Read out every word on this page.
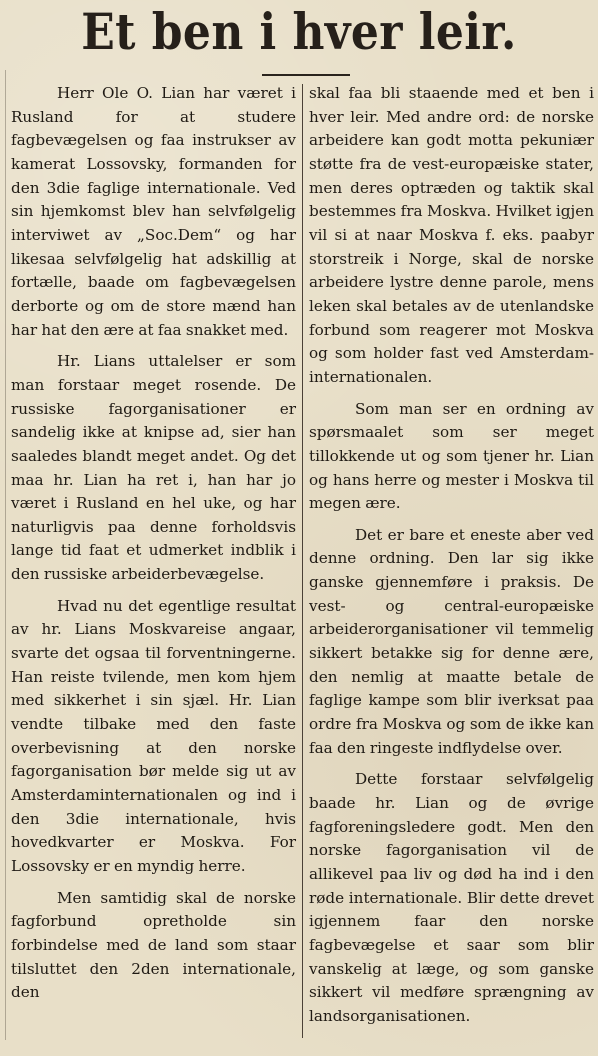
Et ben i hver leir.

Herr Ole O. Lian har været i Rusland for at studere fagbevægelsen og faa instrukser av kamerat Lossovsky, formanden for den 3die faglige internationale. Ved sin hjemkomst blev han selvfølgelig interviwet av „Soc.Dem“ og har likesaa selvfølgelig hat adskillig at fortælle, baade om fagbevægelsen derborte og om de store mænd han har hat den ære at faa snakket med.

Hr. Lians uttalelser er som man forstaar meget rosende. De russiske fagorganisationer er sandelig ikke at knipse ad, sier han saaledes blandt meget andet. Og det maa hr. Lian ha ret i, han har jo været i Rusland en hel uke, og har naturligvis paa denne forholdsvis lange tid faat et udmerket indblik i den russiske arbeiderbevægelse.

Hvad nu det egentlige resultat av hr. Lians Moskvareise angaar, svarte det ogsaa til forventningerne. Han reiste tvilende, men kom hjem med sikkerhet i sin sjæl. Hr. Lian vendte tilbake med den faste overbevisning at den norske fagorganisation bør melde sig ut av Amsterdaminternationalen og ind i den 3die internationale, hvis hovedkvarter er Moskva. For Lossovsky er en myndig herre.

Men samtidig skal de norske fagforbund opretholde sin forbindelse med de land som staar tilsluttet den 2den internationale, den

skal faa bli staaende med et ben i hver leir. Med andre ord: de norske arbeidere kan godt motta pekuniær støtte fra de vest-europæiske stater, men deres optræden og taktik skal bestemmes fra Moskva. Hvilket igjen vil si at naar Moskva f. eks. paabyr storstreik i Norge, skal de norske arbeidere lystre denne parole, mens leken skal betales av de utenlandske forbund som reagerer mot Moskva og som holder fast ved Amsterdam-internationalen.

Som man ser en ordning av spørsmaalet som ser meget tillokkende ut og som tjener hr. Lian og hans herre og mester i Moskva til megen ære.

Det er bare et eneste aber ved denne ordning. Den lar sig ikke ganske gjennemføre i praksis. De vest- og central-europæiske arbeiderorganisationer vil temmelig sikkert betakke sig for denne ære, den nemlig at maatte betale de faglige kampe som blir iverksat paa ordre fra Moskva og som de ikke kan faa den ringeste indflydelse over.

Dette forstaar selvfølgelig baade hr. Lian og de øvrige fagforeningsledere godt. Men den norske fagorganisation vil de allikevel paa liv og død ha ind i den røde internationale. Blir dette drevet igjennem faar den norske fagbevægelse et saar som blir vanskelig at læge, og som ganske sikkert vil medføre sprængning av landsorganisationen.
